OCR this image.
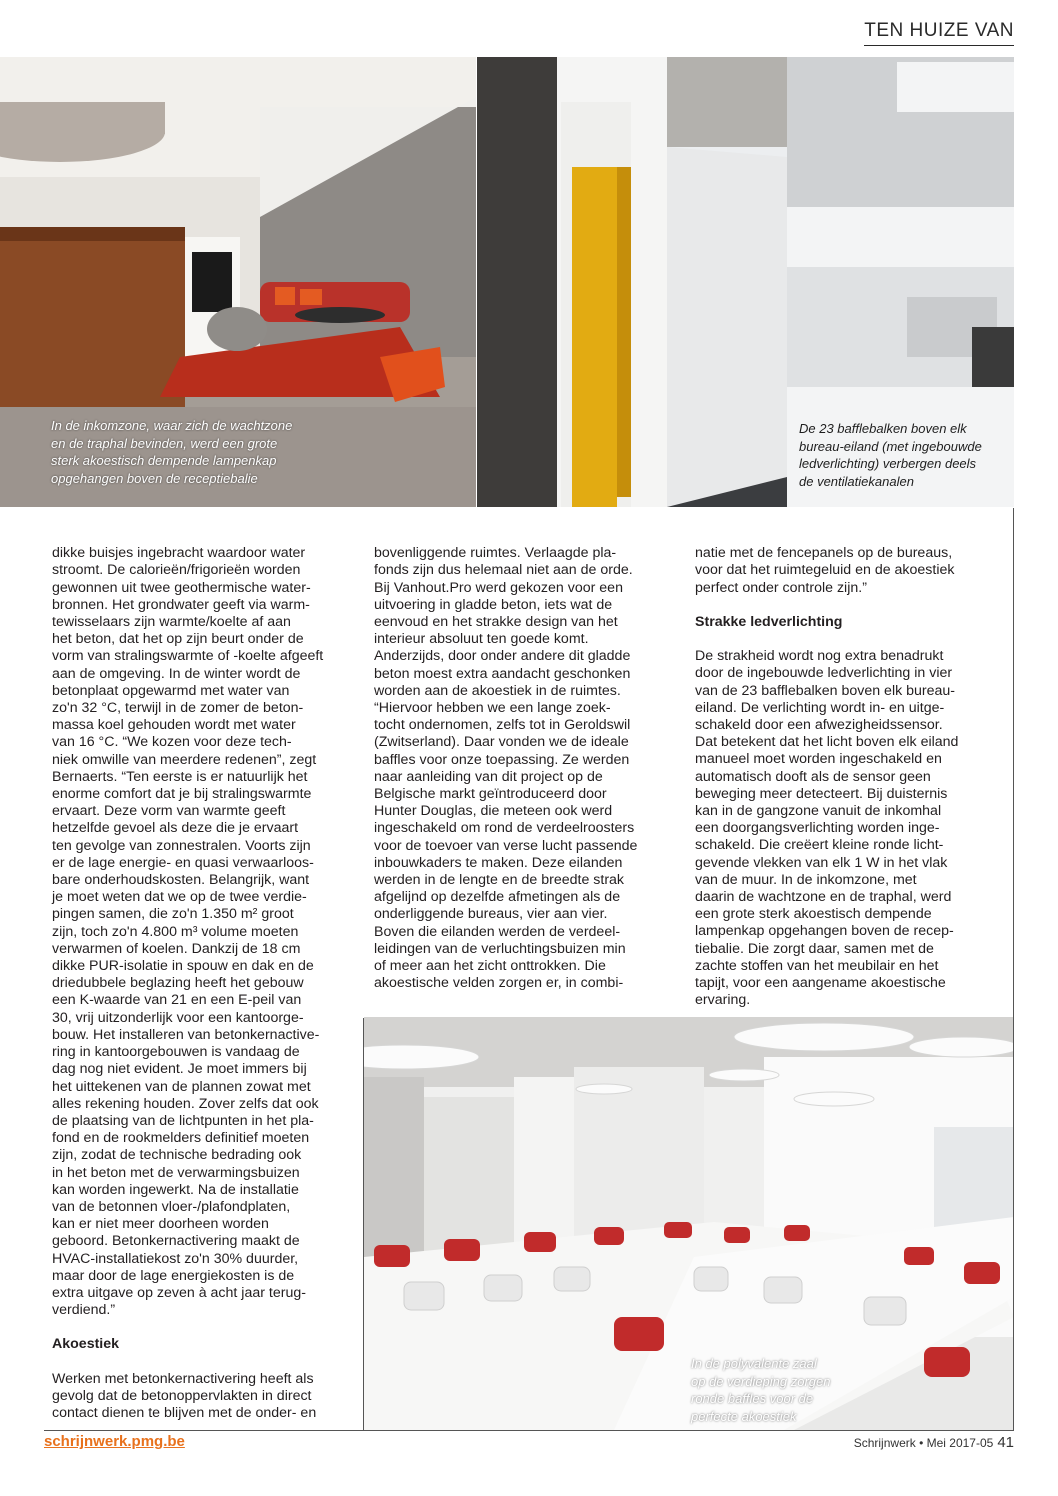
TEN HUIZE VAN
In de inkomzone, waar zich de wachtzone
en de traphal bevinden, werd een grote
sterk akoestisch dempende lampenkap
opgehangen boven de receptiebalie
De 23 bafflebalken boven elk
bureau-eiland (met ingebouwde
ledverlichting) verbergen deels
de ventilatiekanalen

dikke buisjes ingebracht waardoor water
stroomt. De calorieën/frigorieën worden
gewonnen uit twee geothermische water-
bronnen. Het grondwater geeft via warm-
tewisselaars zijn warmte/koelte af aan
het beton, dat het op zijn beurt onder de
vorm van stralingswarmte of -koelte afgeeft
aan de omgeving. In de winter wordt de
betonplaat opgewarmd met water van
zo'n 32 °C, terwijl in de zomer de beton-
massa koel gehouden wordt met water
van 16 °C. “We kozen voor deze tech-
niek omwille van meerdere redenen”, zegt
Bernaerts. “Ten eerste is er natuurlijk het
enorme comfort dat je bij stralingswarmte
ervaart. Deze vorm van warmte geeft
hetzelfde gevoel als deze die je ervaart
ten gevolge van zonnestralen. Voorts zijn
er de lage energie- en quasi verwaarloos-
bare onderhoudskosten. Belangrijk, want
je moet weten dat we op de twee verdie-
pingen samen, die zo'n 1.350 m² groot
zijn, toch zo'n 4.800 m³ volume moeten
verwarmen of koelen. Dankzij de 18 cm
dikke PUR-isolatie in spouw en dak en de
driedubbele beglazing heeft het gebouw
een K-waarde van 21 en een E-peil van
30, vrij uitzonderlijk voor een kantoorge-
bouw. Het installeren van betonkernactive-
ring in kantoorgebouwen is vandaag de
dag nog niet evident. Je moet immers bij
het uittekenen van de plannen zowat met
alles rekening houden. Zover zelfs dat ook
de plaatsing van de lichtpunten in het pla-
fond en de rookmelders definitief moeten
zijn, zodat de technische bedrading ook
in het beton met de verwarmingsbuizen
kan worden ingewerkt. Na de installatie
van de betonnen vloer-/plafondplaten,
kan er niet meer doorheen worden
geboord. Betonkernactivering maakt de
HVAC-installatiekost zo'n 30% duurder,
maar door de lage energiekosten is de
extra uitgave op zeven à acht jaar terug-
verdiend.”

Akoestiek

Werken met betonkernactivering heeft als
gevolg dat de betonoppervlakten in direct
contact dienen te blijven met de onder- en

bovenliggende ruimtes. Verlaagde pla-
fonds zijn dus helemaal niet aan de orde.
Bij Vanhout.Pro werd gekozen voor een
uitvoering in gladde beton, iets wat de
eenvoud en het strakke design van het
interieur absoluut ten goede komt.
Anderzijds, door onder andere dit gladde
beton moest extra aandacht geschonken
worden aan de akoestiek in de ruimtes.
“Hiervoor hebben we een lange zoek-
tocht ondernomen, zelfs tot in Geroldswil
(Zwitserland). Daar vonden we de ideale
baffles voor onze toepassing. Ze werden
naar aanleiding van dit project op de
Belgische markt geïntroduceerd door
Hunter Douglas, die meteen ook werd
ingeschakeld om rond de verdeelroosters
voor de toevoer van verse lucht passende
inbouwkaders te maken. Deze eilanden
werden in de lengte en de breedte strak
afgelijnd op dezelfde afmetingen als de
onderliggende bureaus, vier aan vier.
Boven die eilanden werden de verdeel-
leidingen van de verluchtingsbuizen min
of meer aan het zicht onttrokken. Die
akoestische velden zorgen er, in combi-

natie met de fencepanels op de bureaus,
voor dat het ruimtegeluid en de akoestiek
perfect onder controle zijn.”

Strakke ledverlichting

De strakheid wordt nog extra benadrukt
door de ingebouwde ledverlichting in vier
van de 23 bafflebalken boven elk bureau-
eiland. De verlichting wordt in- en uitge-
schakeld door een afwezigheidssensor.
Dat betekent dat het licht boven elk eiland
manueel moet worden ingeschakeld en
automatisch dooft als de sensor geen
beweging meer detecteert. Bij duisternis
kan in de gangzone vanuit de inkomhal
een doorgangsverlichting worden inge-
schakeld. Die creëert kleine ronde licht-
gevende vlekken van elk 1 W in het vlak
van de muur. In de inkomzone, met
daarin de wachtzone en de traphal, werd
een grote sterk akoestisch dempende
lampenkap opgehangen boven de recep-
tiebalie. Die zorgt daar, samen met de
zachte stoffen van het meubilair en het
tapijt, voor een aangename akoestische
ervaring.

In de polyvalente zaal
op de verdieping zorgen
ronde baffles voor de
perfecte akoestiek
schrijnwerk.pmg.be	Schrijnwerk • Mei 2017-05 41
